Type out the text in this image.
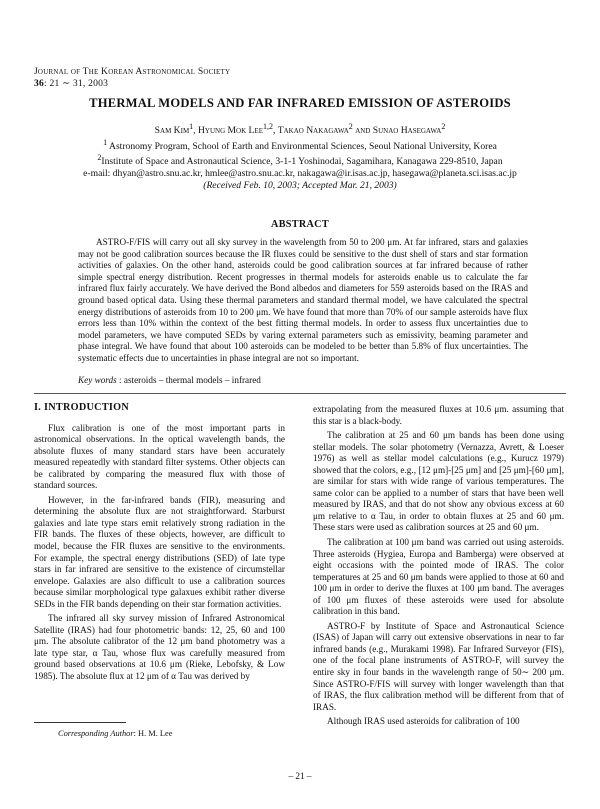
Journal of The Korean Astronomical Society
36: 21 ∼ 31, 2003
THERMAL MODELS AND FAR INFRARED EMISSION OF ASTEROIDS
Sam Kim$^1$, Hyung Mok Lee$^{1,2}$, Takao Nakagawa$^2$ and Sunao Hasegawa$^2$
$^1$ Astronomy Program, School of Earth and Environmental Sciences, Seoul National University, Korea
$^2$Institute of Space and Astronautical Science, 3-1-1 Yoshinodai, Sagamihara, Kanagawa 229-8510, Japan
e-mail: dhyan@astro.snu.ac.kr, hmlee@astro.snu.ac.kr, nakagawa@ir.isas.ac.jp, hasegawa@planeta.sci.isas.ac.jp
(Received Feb. 10, 2003; Accepted Mar. 21, 2003)
ABSTRACT

ASTRO-F/FIS will carry out all sky survey in the wavelength from 50 to 200 μm. At far infrared, stars and galaxies may not be good calibration sources because the IR fluxes could be sensitive to the dust shell of stars and star formation activities of galaxies. On the other hand, asteroids could be good calibration sources at far infrared because of rather simple spectral energy distribution. Recent progresses in thermal models for asteroids enable us to calculate the far infrared flux fairly accurately. We have derived the Bond albedos and diameters for 559 asteroids based on the IRAS and ground based optical data. Using these thermal parameters and standard thermal model, we have calculated the spectral energy distributions of asteroids from 10 to 200 μm. We have found that more than 70% of our sample asteroids have flux errors less than 10% within the context of the best fitting thermal models. In order to assess flux uncertainties due to model parameters, we have computed SEDs by varing external parameters such as emissivity, beaming parameter and phase integral. We have found that about 100 asteroids can be modeled to be better than 5.8% of flux uncertainties. The systematic effects due to uncertainties in phase integral are not so important.

Key words : asteroids – thermal models – infrared
I. INTRODUCTION

Flux calibration is one of the most important parts in astronomical observations. In the optical wavelength bands, the absolute fluxes of many standard stars have been accurately measured repeatedly with standard filter systems. Other objects can be calibrated by comparing the measured flux with those of standard sources.

However, in the far-infrared bands (FIR), measuring and determining the absolute flux are not straightforward. Starburst galaxies and late type stars emit relatively strong radiation in the FIR bands. The fluxes of these objects, however, are difficult to model, because the FIR fluxes are sensitive to the environments. For example, the spectral energy distributions (SED) of late type stars in far infrared are sensitive to the existence of circumstellar envelope. Galaxies are also difficult to use a calibration sources because similar morphological type galaxues exhibit rather diverse SEDs in the FIR bands depending on their star formation activities.

The infrared all sky survey mission of Infrared Astronomical Satellite (IRAS) had four photometric bands: 12, 25, 60 and 100 μm. The absolute calibrator of the 12 μm band photometry was a late type star, α Tau, whose flux was carefully measured from ground based observations at 10.6 μm (Rieke, Lebofsky, & Low 1985). The absolute flux at 12 μm of α Tau was derived by

extrapolating from the measured fluxes at 10.6 μm. assuming that this star is a black-body.

The calibration at 25 and 60 μm bands has been done using stellar models. The solar photometry (Vernazza, Avrett, & Loeser 1976) as well as stellar model calculations (e.g., Kurucz 1979) showed that the colors, e.g., [12 μm]-[25 μm] and [25 μm]-[60 μm], are similar for stars with wide range of various temperatures. The same color can be applied to a number of stars that have been well measured by IRAS, and that do not show any obvious excess at 60 μm relative to α Tau, in order to obtain fluxes at 25 and 60 μm. These stars were used as calibration sources at 25 and 60 μm.

The calibration at 100 μm band was carried out using asteroids. Three asteroids (Hygiea, Europa and Bamberga) were observed at eight occasions with the pointed mode of IRAS. The color temperatures at 25 and 60 μm bands were applied to those at 60 and 100 μm in order to derive the fluxes at 100 μm band. The averages of 100 μm fluxes of these asteroids were used for absolute calibration in this band.

ASTRO-F by Institute of Space and Astronautical Science (ISAS) of Japan will carry out extensive observations in near to far infrared bands (e.g., Murakami 1998). Far Infrared Surveyor (FIS), one of the focal plane instruments of ASTRO-F, will survey the entire sky in four bands in the wavelength range of 50∼ 200 μm. Since ASTRO-F/FIS will survey with longer wavelength than that of IRAS, the flux calibration method will be different from that of IRAS.

Although IRAS used asteroids for calibration of 100

Corresponding Author: H. M. Lee
– 21 –
